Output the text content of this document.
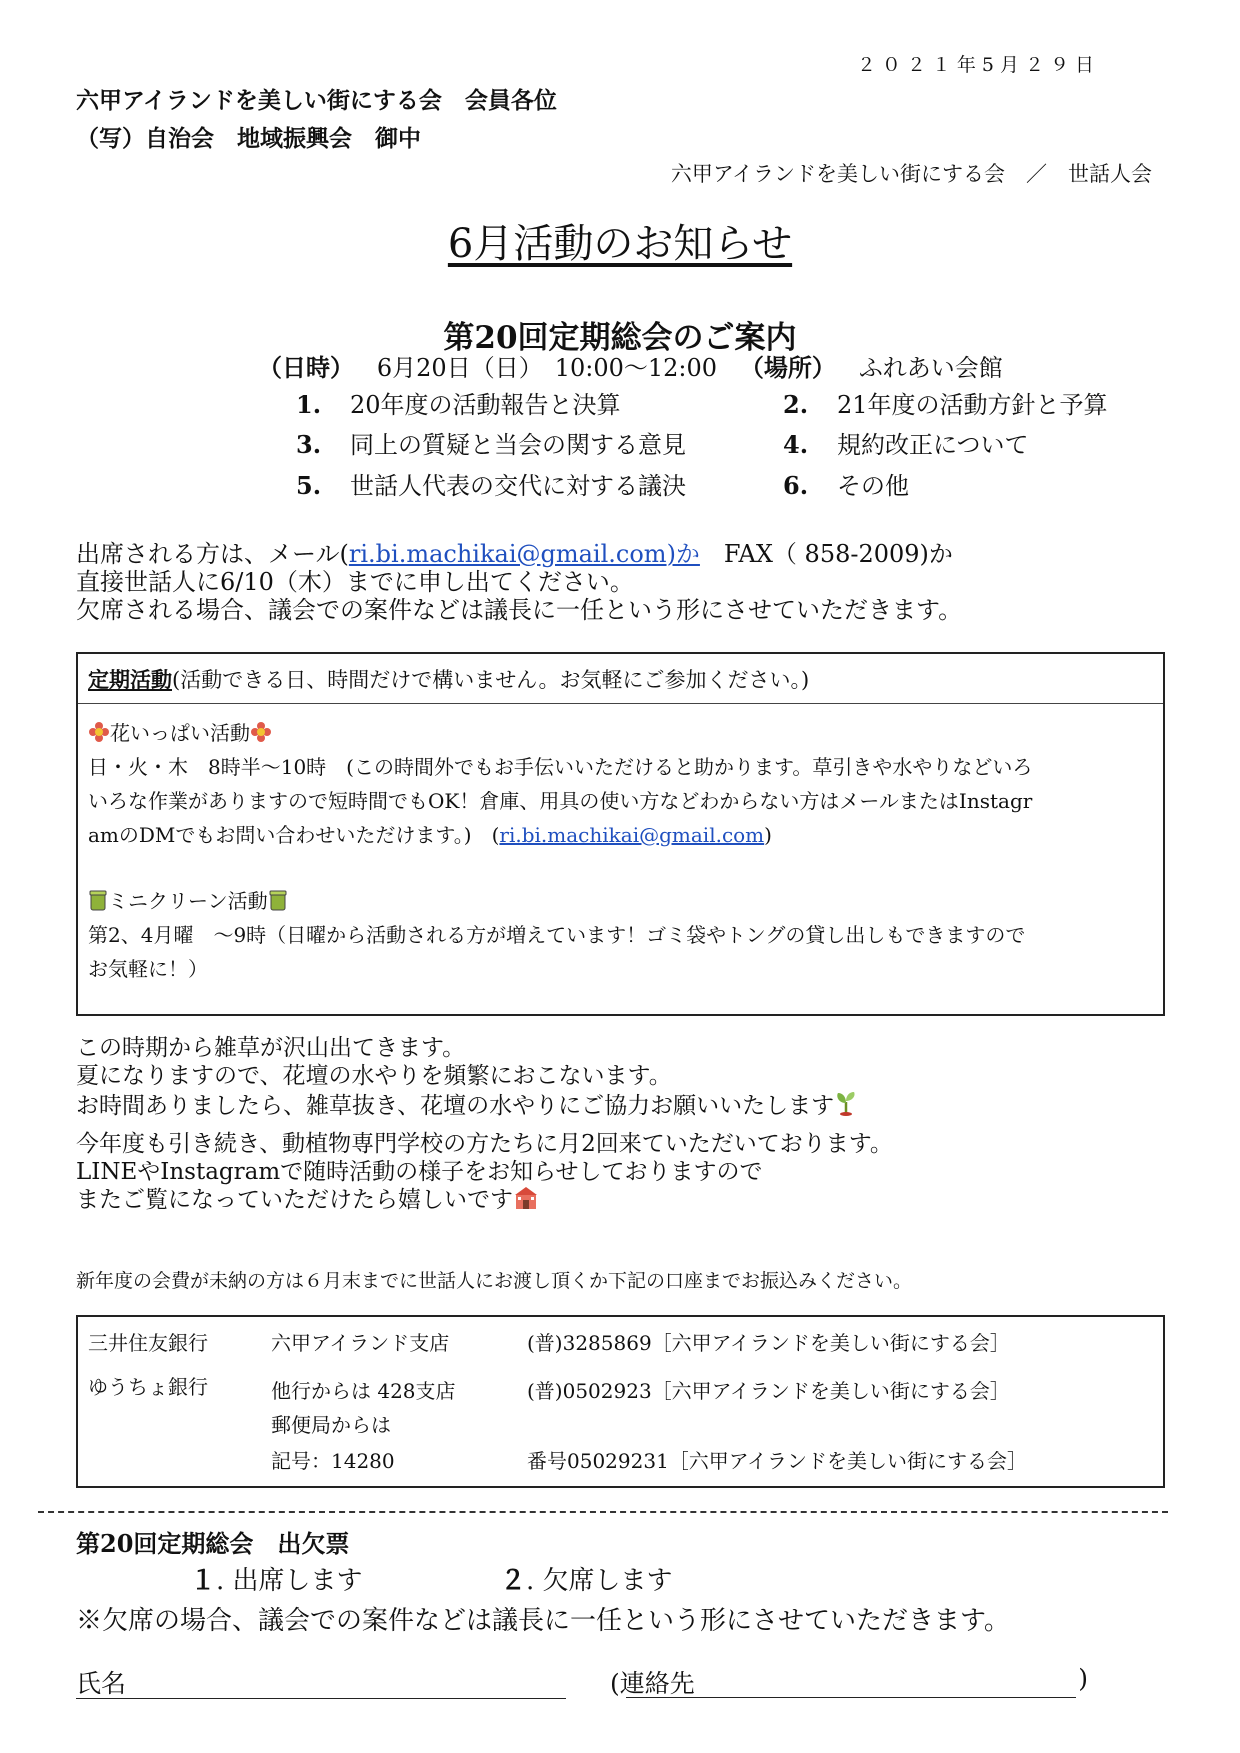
２０２１年5月２９日
六甲アイランドを美しい街にする会　会員各位
（写）自治会　地域振興会　御中
六甲アイランドを美しい街にする会　／　世話人会
6月活動のお知らせ
第20回定期総会のご案内
（日時） 6月20日（日）　10:00〜12:00 （場所） ふれあい会館
1. 20年度の活動報告と決算	2. 21年度の活動方針と予算
3. 同上の質疑と当会の関する意見	4. 規約改正について
5. 世話人代表の交代に対する議決	6. その他
出席される方は、メール(ri.bi.machikai@gmail.com)か　FAX（ 858-2009)か
直接世話人に6/10（木）までに申し出てください。
欠席される場合、議会での案件などは議長に一任という形にさせていただきます。
定期活動(活動できる日、時間だけで構いません。お気軽にご参加ください。)

花いっぱい活動

日・火・木　8時半〜10時　(この時間外でもお手伝いいただけると助かります。草引きや水やりなどいろ

いろな作業がありますので短時間でもOK！倉庫、用具の使い方などわからない方はメールまたはInstagr

amのDMでもお問い合わせいただけます。)　(ri.bi.machikai@gmail.com)

ミニクリーン活動

第2、4月曜　〜9時（日曜から活動される方が増えています！ゴミ袋やトングの貸し出しもできますので

お気軽に！）

この時期から雑草が沢山出てきます。
夏になりますので、花壇の水やりを頻繁におこないます。
お時間ありましたら、雑草抜き、花壇の水やりにご協力お願いいたします
今年度も引き続き、動植物専門学校の方たちに月2回来ていただいております。
LINEやInstagramで随時活動の様子をお知らせしておりますので
またご覧になっていただけたら嬉しいです
新年度の会費が未納の方は６月末までに世話人にお渡し頂くか下記の口座までお振込みください。
三井住友銀行	六甲アイランド支店	(普)3285869［六甲アイランドを美しい街にする会］
ゆうちょ銀行	他行からは 428支店	(普)0502923［六甲アイランドを美しい街にする会］
郵便局からは
記号：14280	番号05029231［六甲アイランドを美しい街にする会］
第20回定期総会　出欠票
１. 出席します	２. 欠席します
※欠席の場合、議会での案件などは議長に一任という形にさせていただきます。
氏名	(連絡先	)
